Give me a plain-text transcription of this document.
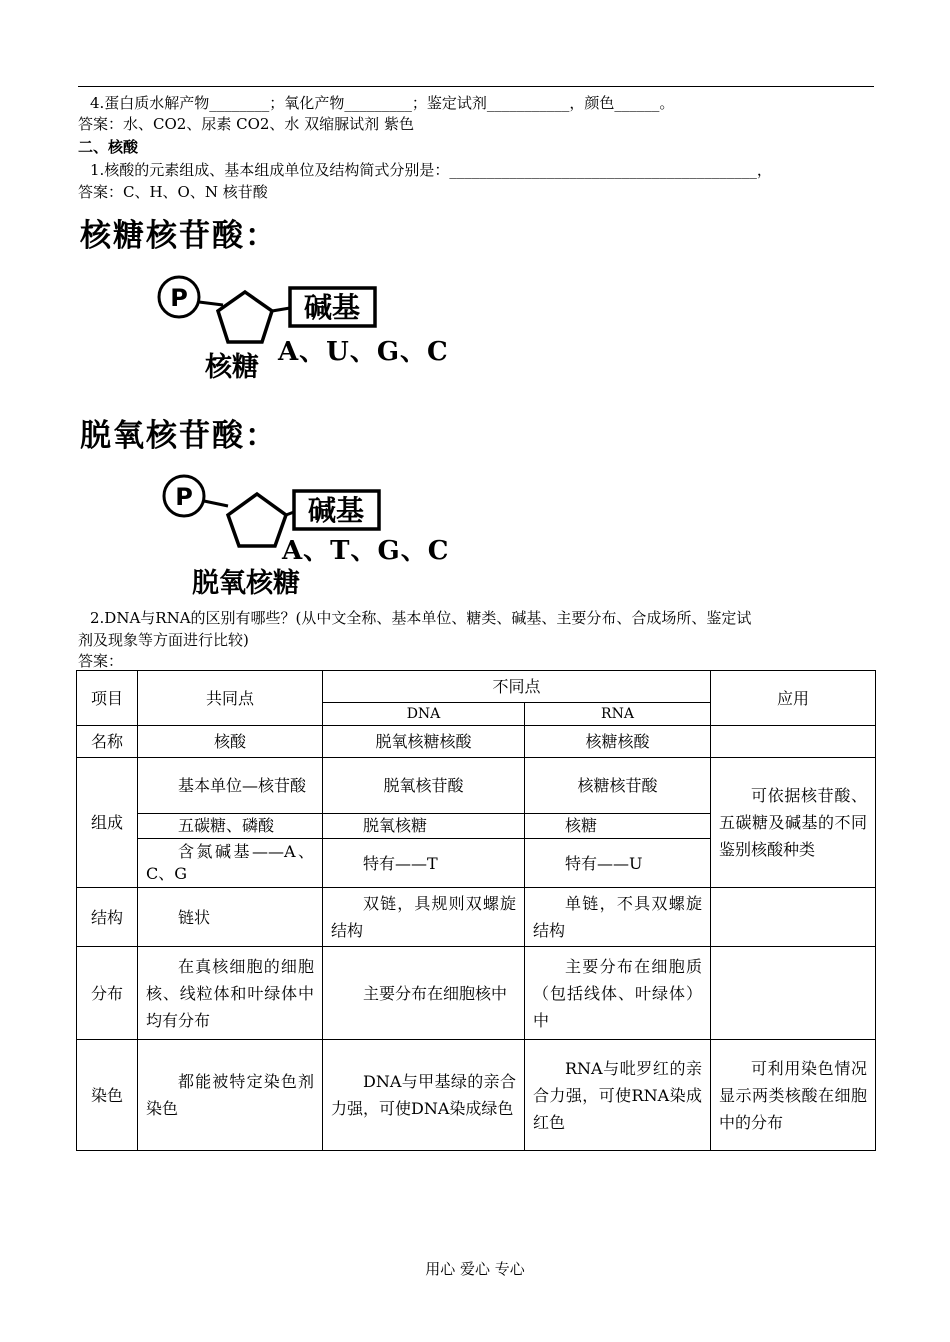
4.蛋白质水解产物________；氧化产物_________；鉴定试剂___________，颜色______。
答案：水、CO2、尿素 CO2、水 双缩脲试剂 紫色
二、核酸
1.核酸的元素组成、基本组成单位及结构简式分别是：_________________________________________，
答案：C、H、O、N 核苷酸
核糖核苷酸：
P	碱基
A、U、G、C
核糖
脱氧核苷酸：
P	碱基
A、T、G、C
脱氧核糖
2.DNA与RNA的区别有哪些？(从中文全称、基本单位、糖类、碱基、主要分布、合成场所、鉴定试
剂及现象等方面进行比较)
答案：
项目	共同点	不同点		应用
		DNA	RNA	
名称	核酸	脱氧核糖核酸	核糖核酸	
组成	基本单位—核苷酸	脱氧核苷酸	核糖核苷酸	可依据核苷酸、五碳糖及碱基的不同鉴别核酸种类
	五碳糖、磷酸	脱氧核糖	核糖	
	含氮碱基——A、C、G	特有——T	特有——U	
结构	链状	双链，具规则双螺旋结构	单链，不具双螺旋结构	
分布	在真核细胞的细胞核、线粒体和叶绿体中均有分布	主要分布在细胞核中	主要分布在细胞质（包括线体、叶绿体）中	
染色	都能被特定染色剂染色	DNA与甲基绿的亲合力强，可使DNA染成绿色	RNA与吡罗红的亲合力强，可使RNA染成红色	可利用染色情况显示两类核酸在细胞中的分布
用心 爱心 专心
